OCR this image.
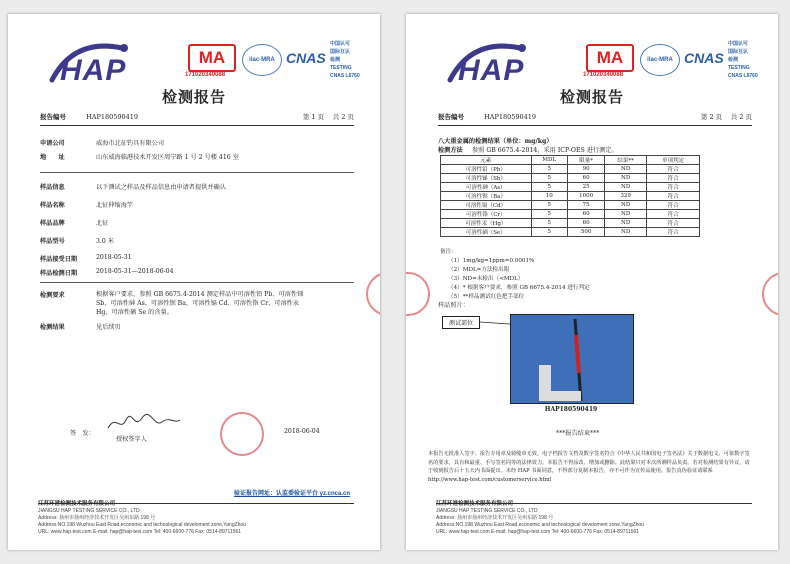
HAP	MA
171020340088
ilac-MRA CNAS
中国认可
国际互认
检测
TESTING
CNAS L6760
检测报告
报告编号	HAP180590419	第 1 页　 共 2 页
申请公司	威海市北征钓具有限公司
地　　址	山东威海临港技术开发区周宁路 1 号 2 号楼 416 室
样品信息	以下测试之样品及样品信息由申请者提供并确认
样品名称	北征伸缩海竿
样品品牌	北征
样品型号	3.0 米
样品接受日期	2018-05-31
样品检测日期	2018-05-31—2018-06-04
检测要求	根据客户要求，参照 GB 6675.4-2014 测定样品中可溶性铅 Pb、可溶性锑 Sb、可溶性砷 As、可溶性钡 Ba、可溶性镉 Cd、可溶性铬 Cr、可溶性汞 Hg、可溶性硒 Se 的含量。
检测结果	见后续页
签　发：
授权签字人
2018-06-04
验证报告网址：认监委验证平台 yz.cnca.cn
江苏环港检测技术服务有限公司
JIANGSU HAP TESTING SERVICE CO., LTD
Address: 扬州市扬州经济技术开发区吴州东路 198 号
Address:NO.198 Wuzhou East Road,economic and technological develoment zone,YangZhou
URL: www.hap-test.com E-mail: hap@hap-test.com Tel: 400-6600-776 Fax: 0514-89711561
HAP	MA
171020340088
ilac-MRA CNAS
中国认可
国际互认
检测
TESTING
CNAS L6760
检测报告
报告编号	HAP180590419	第 2 页　 共 2 页
八大重金属的检测结果（单位：mg/kg）
检测方法 参照 GB 6675.4-2014，采用 ICP-OES 进行测定。
元素	MDL	限量*	结果**	单项判定
可溶性铅（Pb）	5	90	ND	符合
可溶性锑（Sb）	5	60	ND	符合
可溶性砷（As）	5	25	ND	符合
可溶性钡（Ba）	10	1000	329	符合
可溶性镉（Cd）	5	75	ND	符合
可溶性铬（Cr）	5	60	ND	符合
可溶性汞（Hg）	5	60	ND	符合
可溶性硒（Se）	5	500	ND	符合
备注：
（1）1mg/kg=1ppm=0.0001%
（2）MDL=方法检出限
（3）ND=未检出（<MDL）
（4）* 根据客户要求，参照 GB 6675.4-2014 进行判定
（5）**样品测试红色把手部位
样品照片：
测试部位
HAP180590419
***报告结束***
本报告无批准人签字、报告专用章及骑缝章无效。电子档报告文档及数字签名符合《中华人民共和国电子签名法》关于数据电文、可靠数字签名的要求，具有和最重、手写签名同等的法律效力。本报告不得涂改、增加或删除。此结果只对本次所测样品负责。若对检测结果有异议，请于收到报告后十五天内书面提出。未经 HAP 书面同意，不得部分复制本报告，亦不可作为宣传品使用。报告真伪验证请联系 http://www.hap-test.com/customerservice.html
江苏环港检测技术服务有限公司
JIANGSU HAP TESTING SERVICE CO., LTD
Address: 扬州市扬州经济技术开发区吴州东路 198 号
Address:NO.198 Wuzhou East Road,economic and technological develoment zone,YangZhou
URL: www.hap-test.com E-mail: hap@hap-test.com Tel: 400-6600-776 Fax: 0514-89711561
